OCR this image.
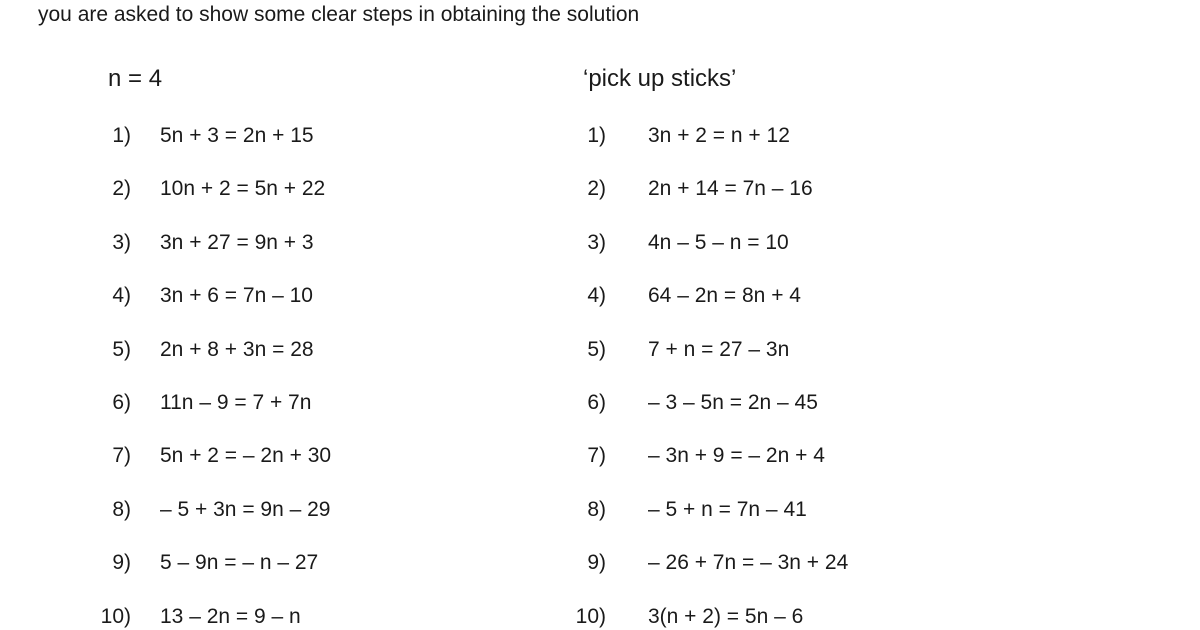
you are asked to show some clear steps in obtaining the solution
n = 4
1) 5n + 3 = 2n + 15
2) 10n + 2 = 5n + 22
3) 3n + 27 = 9n + 3
4) 3n + 6 = 7n – 10
5) 2n + 8 + 3n = 28
6) 11n – 9 = 7 + 7n
7) 5n + 2 = – 2n + 30
8) – 5 + 3n = 9n – 29
9) 5 – 9n = – n – 27
10) 13 – 2n = 9 – n
‘pick up sticks’
1) 3n + 2 = n + 12
2) 2n + 14 = 7n – 16
3) 4n – 5 – n = 10
4) 64 – 2n = 8n + 4
5) 7 + n = 27 – 3n
6) – 3 – 5n = 2n – 45
7) – 3n + 9 = – 2n + 4
8) – 5 + n = 7n – 41
9) – 26 + 7n = – 3n + 24
10) 3(n + 2) = 5n – 6
